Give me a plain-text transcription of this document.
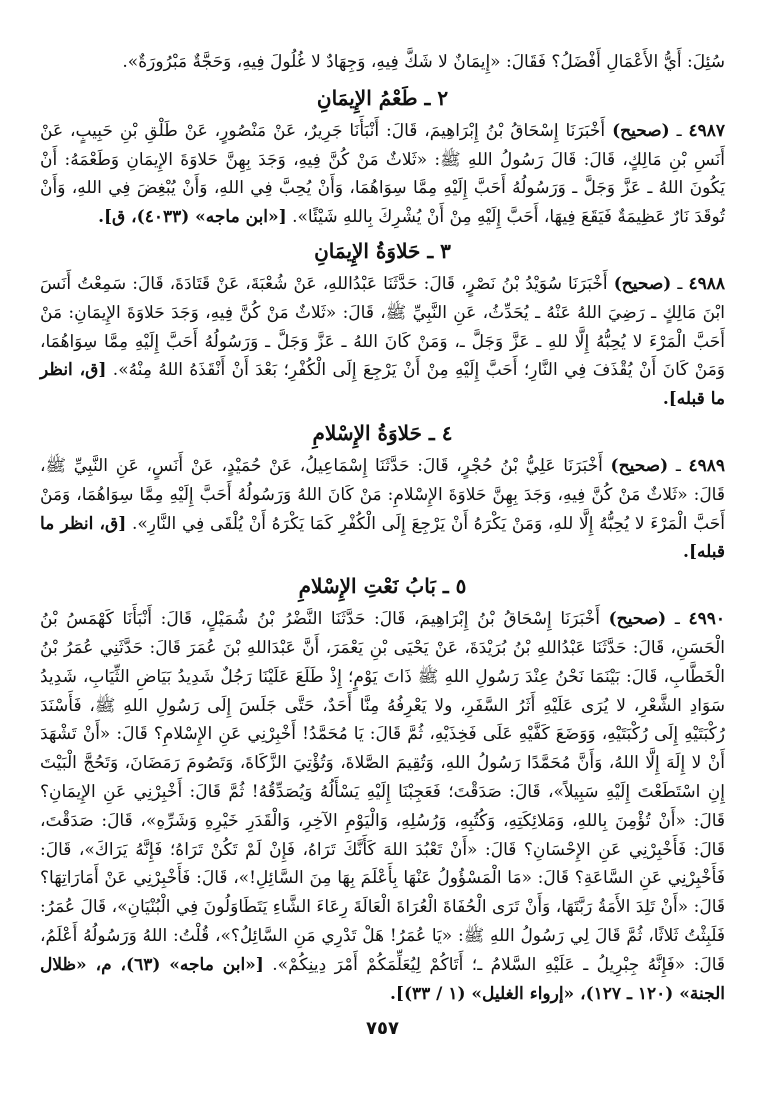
سُئِلَ: أَيُّ الأَعْمَالِ أَفْضَلُ؟ فَقَالَ: «إِيمَانٌ لا شَكَّ فِيهِ، وَجِهَادٌ لا غُلُولَ فِيهِ، وَحَجَّةٌ مَبْرُورَةٌ».

٢ ـ طَعْمُ الإِيمَانِ

٤٩٨٧ ـ (صحيح) أَخْبَرَنَا إِسْحَاقُ بْنُ إِبْرَاهِيمَ، قَالَ: أَنْبَأَنَا جَرِيرٌ، عَنْ مَنْصُورٍ، عَنْ طَلْقِ بْنِ حَبِيبٍ، عَنْ أَنَسِ بْنِ مَالِكٍ، قَالَ: قَالَ رَسُولُ اللهِ ﷺ: «ثَلاثٌ مَنْ كُنَّ فِيهِ، وَجَدَ بِهِنَّ حَلاوَةَ الإِيمَانِ وَطَعْمَهُ: أَنْ يَكُونَ اللهُ ـ عَزَّ وَجَلَّ ـ وَرَسُولُهُ أَحَبَّ إِلَيْهِ مِمَّا سِوَاهُمَا، وَأَنْ يُحِبَّ فِي اللهِ، وَأَنْ يُبْغِضَ فِي اللهِ، وَأَنْ تُوقَدَ نَارٌ عَظِيمَةٌ فَيَقَعَ فِيهَا، أَحَبَّ إِلَيْهِ مِنْ أَنْ يُشْرِكَ بِاللهِ شَيْئًا». [«ابن ماجه» (٤٠٣٣)، ق].

٣ ـ حَلاوَةُ الإِيمَانِ

٤٩٨٨ ـ (صحيح) أَخْبَرَنَا سُوَيْدُ بْنُ نَصْرٍ، قَالَ: حَدَّثَنَا عَبْدُاللهِ، عَنْ شُعْبَةَ، عَنْ قَتَادَةَ، قَالَ: سَمِعْتُ أَنَسَ ابْنَ مَالِكٍ ـ رَضِيَ اللهُ عَنْهُ ـ يُحَدِّثُ، عَنِ النَّبِيِّ ﷺ، قَالَ: «ثَلاثٌ مَنْ كُنَّ فِيهِ، وَجَدَ حَلاوَةَ الإِيمَانِ: مَنْ أَحَبَّ الْمَرْءَ لا يُحِبُّهُ إِلَّا للهِ ـ عَزَّ وَجَلَّ ـ، وَمَنْ كَانَ اللهُ ـ عَزَّ وَجَلَّ ـ وَرَسُولُهُ أَحَبَّ إِلَيْهِ مِمَّا سِوَاهُمَا، وَمَنْ كَانَ أَنْ يُقْذَفَ فِي النَّارِ؛ أَحَبَّ إِلَيْهِ مِنْ أَنْ يَرْجِعَ إِلَى الْكُفْرِ؛ بَعْدَ أَنْ أَنْقَذَهُ اللهُ مِنْهُ». [ق، انظر ما قبله].

٤ ـ حَلاوَةُ الإِسْلامِ

٤٩٨٩ ـ (صحيح) أَخْبَرَنَا عَلِيُّ بْنُ حُجْرٍ، قَالَ: حَدَّثَنَا إِسْمَاعِيلُ، عَنْ حُمَيْدٍ، عَنْ أَنَسٍ، عَنِ النَّبِيِّ ﷺ، قَالَ: «ثَلاثٌ مَنْ كُنَّ فِيهِ، وَجَدَ بِهِنَّ حَلاوَةَ الإِسْلامِ: مَنْ كَانَ اللهُ وَرَسُولُهُ أَحَبَّ إِلَيْهِ مِمَّا سِوَاهُمَا، وَمَنْ أَحَبَّ الْمَرْءَ لا يُحِبُّهُ إِلَّا للهِ، وَمَنْ يَكْرَهُ أَنْ يَرْجِعَ إِلَى الْكُفْرِ كَمَا يَكْرَهُ أَنْ يُلْقَى فِي النَّارِ». [ق، انظر ما قبله].

٥ ـ بَابُ نَعْتِ الإِسْلامِ

٤٩٩٠ ـ (صحيح) أَخْبَرَنَا إِسْحَاقُ بْنُ إِبْرَاهِيمَ، قَالَ: حَدَّثَنَا النَّضْرُ بْنُ شُمَيْلٍ، قَالَ: أَنْبَأَنَا كَهْمَسُ بْنُ الْحَسَنِ، قَالَ: حَدَّثَنَا عَبْدُاللهِ بْنُ بُرَيْدَةَ، عَنْ يَحْيَى بْنِ يَعْمَرَ، أَنَّ عَبْدَاللهِ بْنَ عُمَرَ قَالَ: حَدَّثَنِي عُمَرُ بْنُ الْخَطَّابِ، قَالَ: بَيْنَمَا نَحْنُ عِنْدَ رَسُولِ اللهِ ﷺ ذَاتَ يَوْمٍ؛ إِذْ طَلَعَ عَلَيْنَا رَجُلٌ شَدِيدُ بَيَاضِ الثِّيَابِ، شَدِيدُ سَوَادِ الشَّعْرِ، لا يُرَى عَلَيْهِ أَثَرُ السَّفَرِ، ولا يَعْرِفُهُ مِنَّا أَحَدٌ، حَتَّى جَلَسَ إِلَى رَسُولِ اللهِ ﷺ، فَأَسْنَدَ رُكْبَتَيْهِ إِلَى رُكْبَتَيْهِ، وَوَضَعَ كَفَّيْهِ عَلَى فَخِذَيْهِ، ثُمَّ قَالَ: يَا مُحَمَّدُ! أَخْبِرْنِي عَنِ الإِسْلامِ؟ قَالَ: «أَنْ تَشْهَدَ أَنْ لا إِلَهَ إِلَّا اللهُ، وَأَنَّ مُحَمَّدًا رَسُولُ اللهِ، وَتُقِيمَ الصَّلاةَ، وَتُؤْتِيَ الزَّكَاةَ، وَتَصُومَ رَمَضَانَ، وَتَحُجَّ الْبَيْتَ إِنِ اسْتَطَعْتَ إِلَيْهِ سَبِيلاً»، قَالَ: صَدَقْتَ؛ فَعَجِبْنَا إِلَيْهِ يَسْأَلُهُ وَيُصَدِّقُهُ! ثُمَّ قَالَ: أَخْبِرْنِي عَنِ الإِيمَانِ؟ قَالَ: «أَنْ تُؤْمِنَ بِاللهِ، وَمَلائِكَتِهِ، وَكُتُبِهِ، وَرُسُلِهِ، وَالْيَوْمِ الآخِرِ، وَالْقَدَرِ خَيْرِهِ وَشَرِّهِ»، قَالَ: صَدَقْتَ، قَالَ: فَأَخْبِرْنِي عَنِ الإِحْسَانِ؟ قَالَ: «أَنْ تَعْبُدَ اللهَ كَأَنَّكَ تَرَاهُ، فَإِنْ لَمْ تَكُنْ تَرَاهُ؛ فَإِنَّهُ يَرَاكَ»، قَالَ: فَأَخْبِرْنِي عَنِ السَّاعَةِ؟ قَالَ: «مَا الْمَسْؤُولُ عَنْهَا بِأَعْلَمَ بِهَا مِنَ السَّائِلِ!»، قَالَ: فَأَخْبِرْنِي عَنْ أَمَارَاتِهَا؟ قَالَ: «أَنْ تَلِدَ الأَمَةُ رَبَّتَهَا، وَأَنْ تَرَى الْحُفَاةَ الْعُرَاةَ الْعَالَةَ رِعَاءَ الشَّاءِ يَتَطَاوَلُونَ فِي الْبُنْيَانِ»، قَالَ عُمَرُ: فَلَبِثْتُ ثَلاثًا، ثُمَّ قَالَ لِي رَسُولُ اللهِ ﷺ: «يَا عُمَرُ! هَلْ تَدْرِي مَنِ السَّائِلُ؟»، قُلْتُ: اللهُ وَرَسُولُهُ أَعْلَمُ، قَالَ: «فَإِنَّهُ جِبْرِيلُ ـ عَلَيْهِ السَّلامُ ـ؛ أَتَاكُمْ لِيُعَلِّمَكُمْ أَمْرَ دِينِكُمْ». [«ابن ماجه» (٦٣)، م، «ظلال الجنة» (١٢٠ ـ ١٢٧)، «إرواء الغليل» (١ / ٣٣)].

٧٥٧
